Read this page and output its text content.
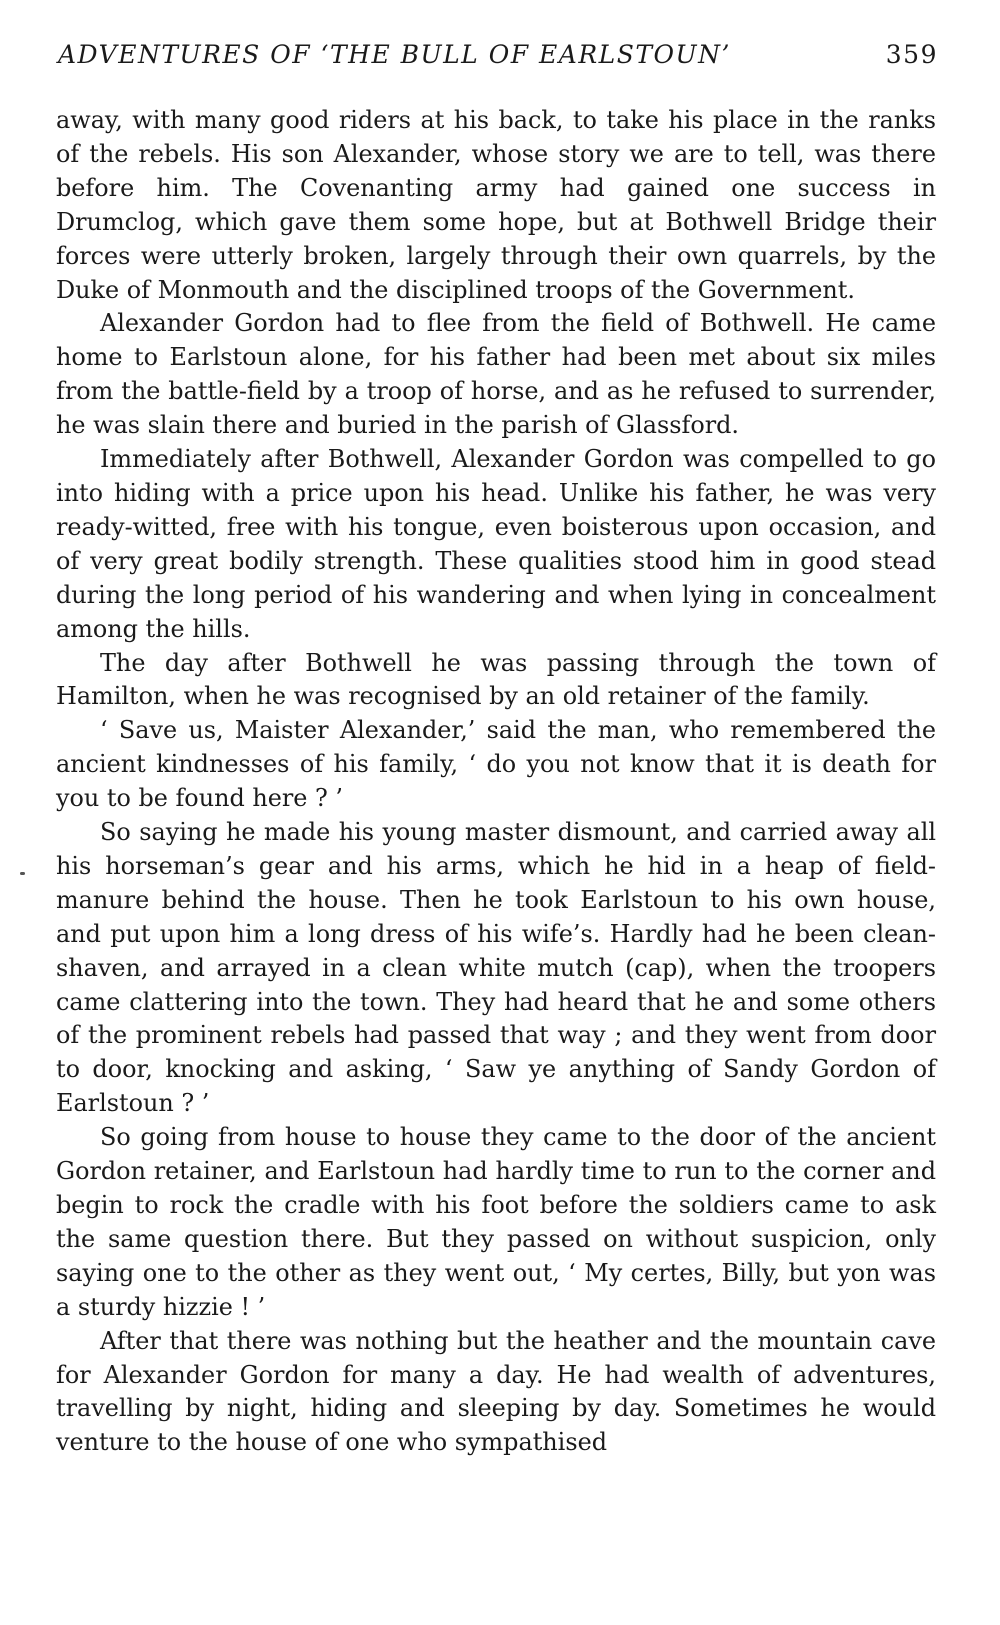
ADVENTURES OF ‘THE BULL OF EARLSTOUN’	359

away, with many good riders at his back, to take his place in the ranks of the rebels. His son Alexander, whose story we are to tell, was there before him. The Covenanting army had gained one success in Drumclog, which gave them some hope, but at Bothwell Bridge their forces were utterly broken, largely through their own quarrels, by the Duke of Monmouth and the disciplined troops of the Government.

Alexander Gordon had to flee from the field of Bothwell. He came home to Earlstoun alone, for his father had been met about six miles from the battle-field by a troop of horse, and as he refused to surrender, he was slain there and buried in the parish of Glassford.

Immediately after Bothwell, Alexander Gordon was compelled to go into hiding with a price upon his head. Unlike his father, he was very ready-witted, free with his tongue, even boisterous upon occasion, and of very great bodily strength. These qualities stood him in good stead during the long period of his wandering and when lying in concealment among the hills.

The day after Bothwell he was passing through the town of Hamilton, when he was recognised by an old retainer of the family.

‘ Save us, Maister Alexander,’ said the man, who remembered the ancient kindnesses of his family, ‘ do you not know that it is death for you to be found here ? ’

So saying he made his young master dismount, and carried away all his horseman’s gear and his arms, which he hid in a heap of field-manure behind the house. Then he took Earlstoun to his own house, and put upon him a long dress of his wife’s. Hardly had he been clean-shaven, and arrayed in a clean white mutch (cap), when the troopers came clattering into the town. They had heard that he and some others of the prominent rebels had passed that way ; and they went from door to door, knocking and asking, ‘ Saw ye anything of Sandy Gordon of Earlstoun ? ’

So going from house to house they came to the door of the ancient Gordon retainer, and Earlstoun had hardly time to run to the corner and begin to rock the cradle with his foot before the soldiers came to ask the same question there. But they passed on without suspicion, only saying one to the other as they went out, ‘ My certes, Billy, but yon was a sturdy hizzie ! ’

After that there was nothing but the heather and the mountain cave for Alexander Gordon for many a day. He had wealth of adventures, travelling by night, hiding and sleeping by day. Sometimes he would venture to the house of one who sympathised
